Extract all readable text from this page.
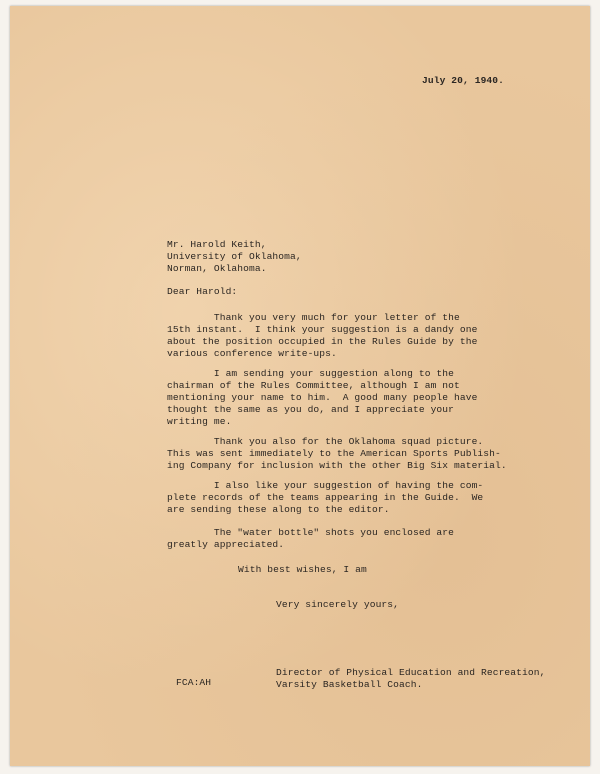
July 20, 1940.
Mr. Harold Keith,
University of Oklahoma,
Norman, Oklahoma.
Dear Harold:
Thank you very much for your letter of the
15th instant.  I think your suggestion is a dandy one
about the position occupied in the Rules Guide by the
various conference write-ups.
I am sending your suggestion along to the
chairman of the Rules Committee, although I am not
mentioning your name to him.  A good many people have
thought the same as you do, and I appreciate your
writing me.
Thank you also for the Oklahoma squad picture.
This was sent immediately to the American Sports Publish-
ing Company for inclusion with the other Big Six material.
I also like your suggestion of having the com-
plete records of the teams appearing in the Guide.  We
are sending these along to the editor.
The "water bottle" shots you enclosed are
greatly appreciated.
With best wishes, I am
Very sincerely yours,
Director of Physical Education and Recreation,
Varsity Basketball Coach.
FCA:AH
